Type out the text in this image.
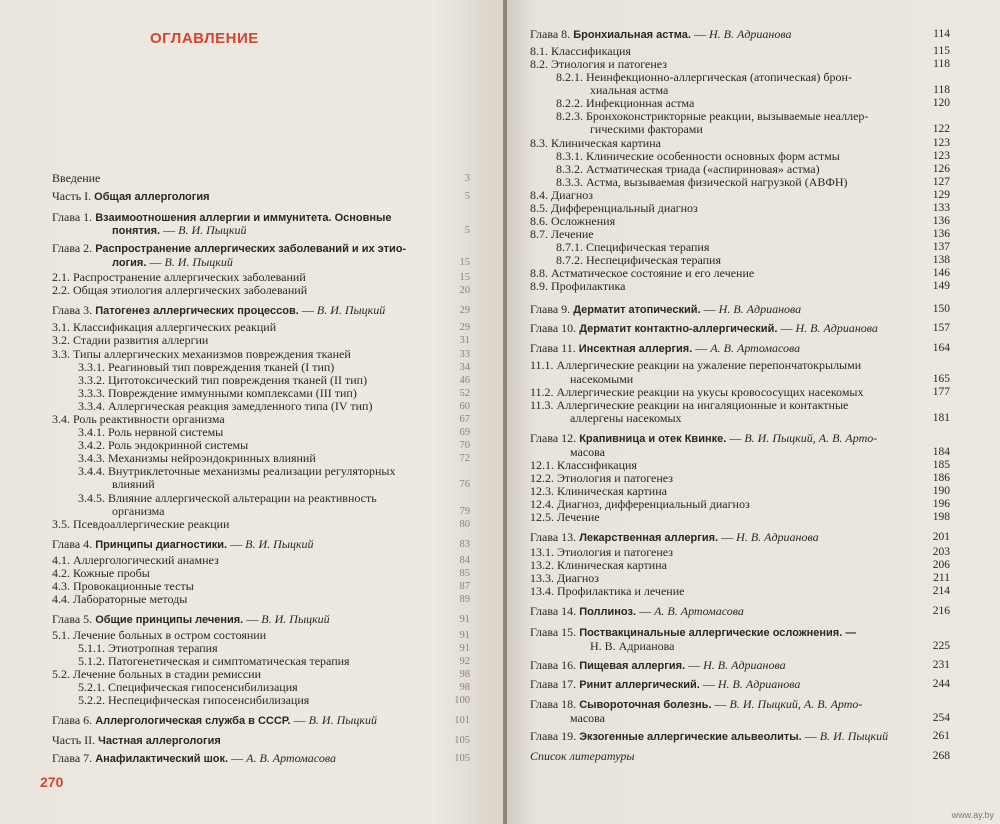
ОГЛАВЛЕНИЕ
Введение	3
Часть I. Общая аллергология	5
Глава 1. Взаимоотношения аллергии и иммунитета. Основные
понятия. — В. И. Пыцкий	5
Глава 2. Распространение аллергических заболеваний и их этио-
логия. — В. И. Пыцкий	15
2.1. Распространение аллергических заболеваний	15
2.2. Общая этиология аллергических заболеваний	20
Глава 3. Патогенез аллергических процессов. — В. И. Пыцкий	29
3.1. Классификация аллергических реакций	29
3.2. Стадии развития аллергии	31
3.3. Типы аллергических механизмов повреждения тканей	33
3.3.1. Реагиновый тип повреждения тканей (I тип)	34
3.3.2. Цитотоксический тип повреждения тканей (II тип)	46
3.3.3. Повреждение иммунными комплексами (III тип)	52
3.3.4. Аллергическая реакция замедленного типа (IV тип)	60
3.4. Роль реактивности организма	67
3.4.1. Роль нервной системы	69
3.4.2. Роль эндокринной системы	70
3.4.3. Механизмы нейроэндокринных влияний	72
3.4.4. Внутриклеточные механизмы реализации регуляторных
влияний	76
3.4.5. Влияние аллергической альтерации на реактивность
организма	79
3.5. Псевдоаллергические реакции	80
Глава 4. Принципы диагностики. — В. И. Пыцкий	83
4.1. Аллергологический анамнез	84
4.2. Кожные пробы	85
4.3. Провокационные тесты	87
4.4. Лабораторные методы	89
Глава 5. Общие принципы лечения. — В. И. Пыцкий	91
5.1. Лечение больных в остром состоянии	91
5.1.1. Этиотропная терапия	91
5.1.2. Патогенетическая и симптоматическая терапия	92
5.2. Лечение больных в стадии ремиссии	98
5.2.1. Специфическая гипосенсибилизация	98
5.2.2. Неспецифическая гипосенсибилизация	100
Глава 6. Аллергологическая служба в СССР. — В. И. Пыцкий	101
Часть II. Частная аллергология	105
Глава 7. Анафилактический шок. — А. В. Артомасова	105
270
Глава 8. Бронхиальная астма. — Н. В. Адрианова	114
8.1. Классификация	115
8.2. Этиология и патогенез	118
8.2.1. Неинфекционно-аллергическая (атопическая) брон-
хиальная астма	118
8.2.2. Инфекционная астма	120
8.2.3. Бронхоконстрикторные реакции, вызываемые неаллер-
гическими факторами	122
8.3. Клиническая картина	123
8.3.1. Клинические особенности основных форм астмы	123
8.3.2. Астматическая триада («аспириновая» астма)	126
8.3.3. Астма, вызываемая физической нагрузкой (АВФН)	127
8.4. Диагноз	129
8.5. Дифференциальный диагноз	133
8.6. Осложнения	136
8.7. Лечение	136
8.7.1. Специфическая терапия	137
8.7.2. Неспецифическая терапия	138
8.8. Астматическое состояние и его лечение	146
8.9. Профилактика	149
Глава 9. Дерматит атопический. — Н. В. Адрианова	150
Глава 10. Дерматит контактно-аллергический. — Н. В. Адрианова	157
Глава 11. Инсектная аллергия. — А. В. Артомасова	164
11.1. Аллергические реакции на ужаление перепончатокрылыми
насекомыми	165
11.2. Аллергические реакции на укусы кровососущих насекомых	177
11.3. Аллергические реакции на ингаляционные и контактные
аллергены насекомых	181
Глава 12. Крапивница и отек Квинке. — В. И. Пыцкий, А. В. Арто-
масова	184
12.1. Классификация	185
12.2. Этиология и патогенез	186
12.3. Клиническая картина	190
12.4. Диагноз, дифференциальный диагноз	196
12.5. Лечение	198
Глава 13. Лекарственная аллергия. — Н. В. Адрианова	201
13.1. Этиология и патогенез	203
13.2. Клиническая картина	206
13.3. Диагноз	211
13.4. Профилактика и лечение	214
Глава 14. Поллиноз. — А. В. Артомасова	216
Глава 15. Поствакцинальные аллергические осложнения. —
Н. В. Адрианова	225
Глава 16. Пищевая аллергия. — Н. В. Адрианова	231
Глава 17. Ринит аллергический. — Н. В. Адрианова	244
Глава 18. Сывороточная болезнь. — В. И. Пыцкий, А. В. Арто-
масова	254
Глава 19. Экзогенные аллергические альвеолиты. — В. И. Пыцкий	261
Список литературы	268
www.ay.by
